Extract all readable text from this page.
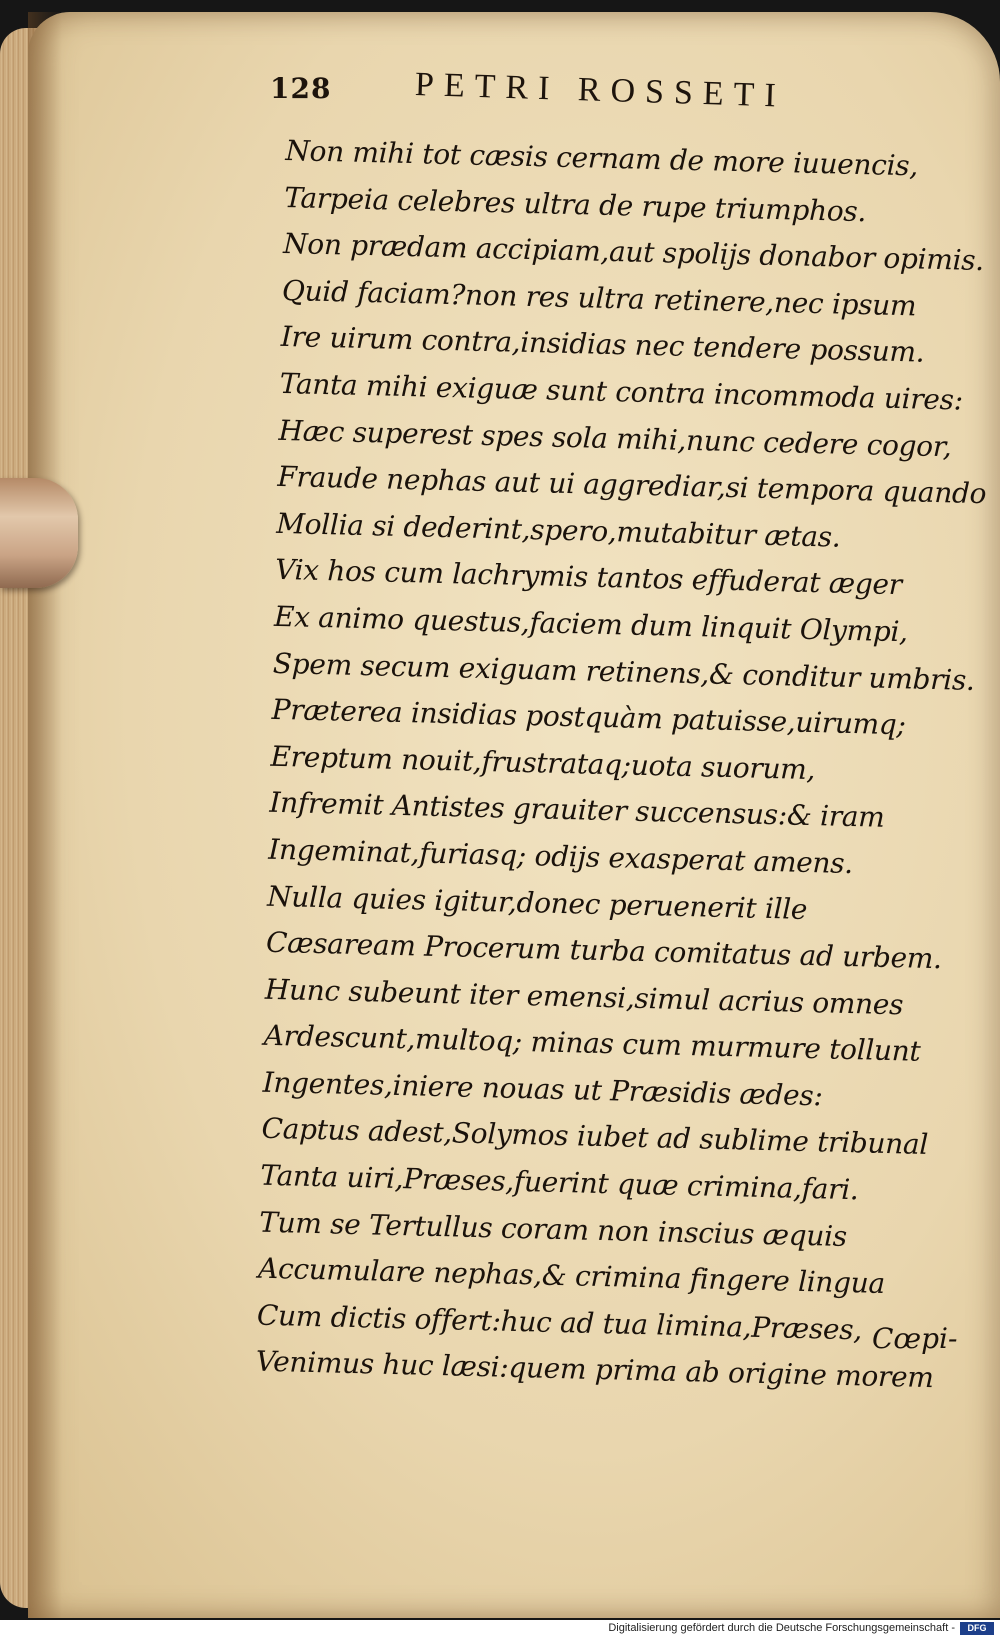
128 PETRI ROSSETI

Non mihi tot cæsis cernam de more iuuencis,

Tarpeia celebres ultra de rupe triumphos.

Non prædam accipiam,aut spolijs donabor opimis.

Quid faciam?non res ultra retinere,nec ipsum

Ire uirum contra,insidias nec tendere possum.

Tanta mihi exiguæ sunt contra incommoda uires:

Hæc superest spes sola mihi,nunc cedere cogor,

Fraude nephas aut ui aggrediar,si tempora quando

Mollia si dederint,spero,mutabitur ætas.

Vix hos cum lachrymis tantos effuderat æger

Ex animo questus,faciem dum linquit Olympi,

Spem secum exiguam retinens,& conditur umbris.

Præterea insidias postquàm patuisse,uirumq;

Ereptum nouit,frustrataq;uota suorum,

Infremit Antistes grauiter succensus:& iram

Ingeminat,furiasq; odijs exasperat amens.

Nulla quies igitur,donec peruenerit ille

Cæsaream Procerum turba comitatus ad urbem.

Hunc subeunt iter emensi,simul acrius omnes

Ardescunt,multoq; minas cum murmure tollunt

Ingentes,iniere nouas ut Præsidis ædes:

Captus adest,Solymos iubet ad sublime tribunal

Tanta uiri,Præses,fuerint quæ crimina,fari.

Tum se Tertullus coram non inscius æquis

Accumulare nephas,& crimina fingere lingua

Cum dictis offert:huc ad tua limina,Præses,

Venimus huc læsi:quem prima ab origine morem

Cœpi-
Digitalisierung gefördert durch die Deutsche Forschungsgemeinschaft -	DFG
